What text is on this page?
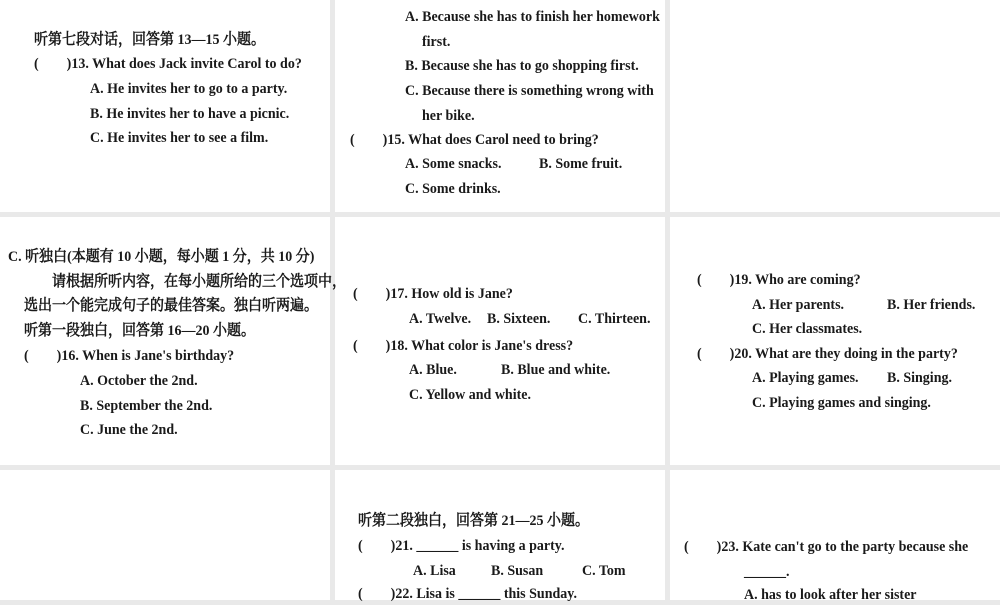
听第七段对话，回答第 13—15 小题。
(　　)13. What does Jack invite Carol to do?
A. He invites her to go to a party.
B. He invites her to have a picnic.
C. He invites her to see a film.
A. Because she has to finish her homework
first.
B. Because she has to go shopping first.
C. Because there is something wrong with
her bike.
(　　)15. What does Carol need to bring?
A. Some snacks.	B. Some fruit.
C. Some drinks.
C. 听独白(本题有 10 小题，每小题 1 分，共 10 分)
请根据所听内容，在每小题所给的三个选项中，
选出一个能完成句子的最佳答案。独白听两遍。
听第一段独白，回答第 16—20 小题。
(　　)16. When is Jane's birthday?
A. October the 2nd.
B. September the 2nd.
C. June the 2nd.
(　　)17. How old is Jane?
A. Twelve. B. Sixteen. C. Thirteen.
(　　)18. What color is Jane's dress?
A. Blue.	B. Blue and white.
C. Yellow and white.
(　　)19. Who are coming?
A. Her parents.	B. Her friends.
C. Her classmates.
(　　)20. What are they doing in the party?
A. Playing games. B. Singing.
C. Playing games and singing.
听第二段独白，回答第 21—25 小题。
(　　)21. ______ is having a party.
A. Lisa	B. Susan	C. Tom
(　　)22. Lisa is ______ this Sunday.
(　　)23. Kate can't go to the party because she
______.
A. has to look after her sister
